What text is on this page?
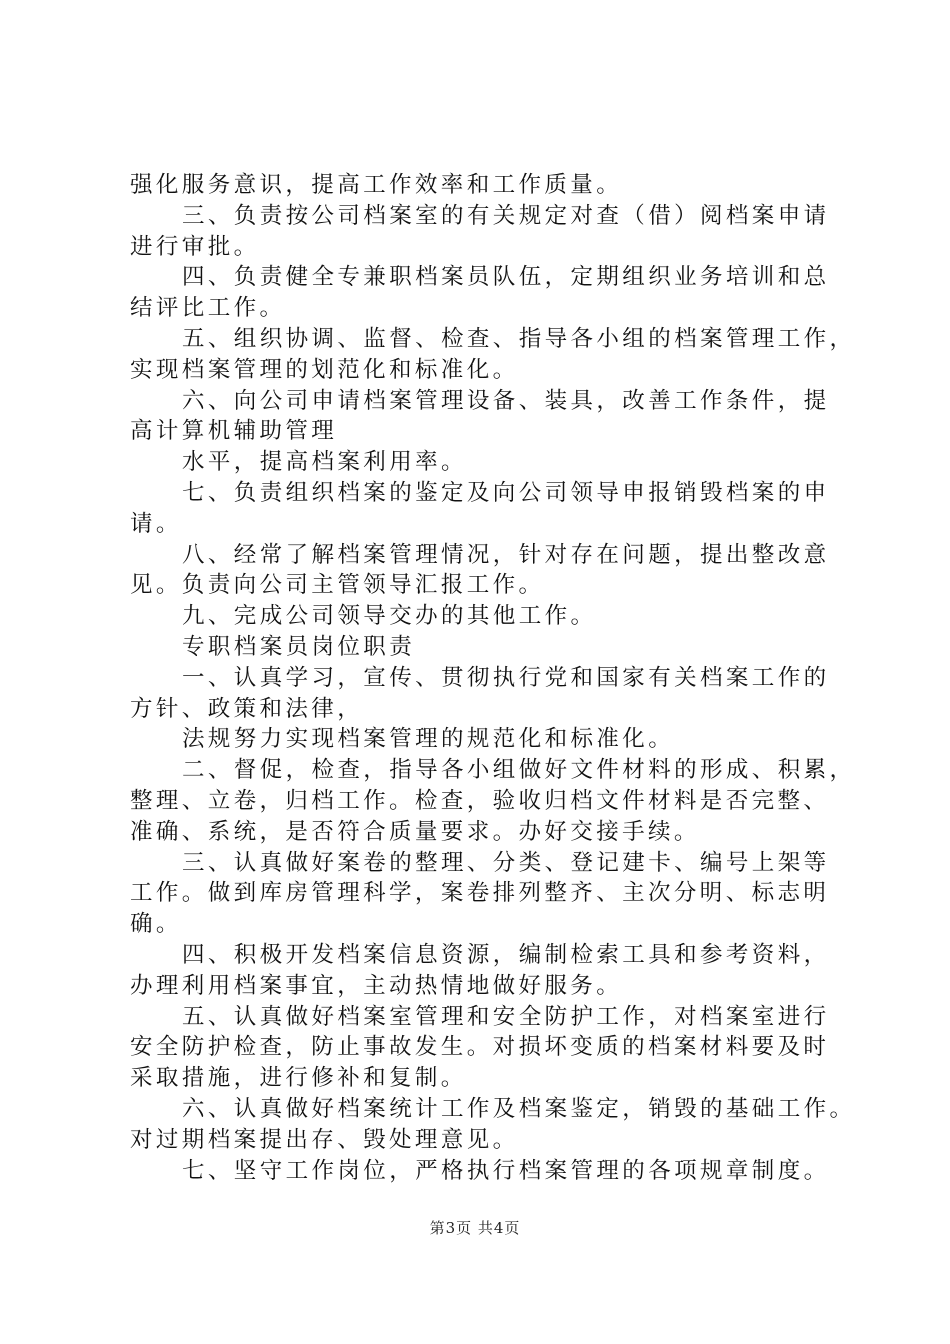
强化服务意识，提高工作效率和工作质量。
三、负责按公司档案室的有关规定对查（借）阅档案申请
进行审批。
四、负责健全专兼职档案员队伍，定期组织业务培训和总
结评比工作。
五、组织协调、监督、检查、指导各小组的档案管理工作，
实现档案管理的划范化和标准化。
六、向公司申请档案管理设备、装具，改善工作条件，提
高计算机辅助管理
水平，提高档案利用率。
七、负责组织档案的鉴定及向公司领导申报销毁档案的申
请。
八、经常了解档案管理情况，针对存在问题，提出整改意
见。负责向公司主管领导汇报工作。
九、完成公司领导交办的其他工作。
专职档案员岗位职责
一、认真学习，宣传、贯彻执行党和国家有关档案工作的
方针、政策和法律，
法规努力实现档案管理的规范化和标准化。
二、督促，检查，指导各小组做好文件材料的形成、积累，
整理、立卷，归档工作。检查，验收归档文件材料是否完整、
准确、系统，是否符合质量要求。办好交接手续。
三、认真做好案卷的整理、分类、登记建卡、编号上架等
工作。做到库房管理科学，案卷排列整齐、主次分明、标志明
确。
四、积极开发档案信息资源，编制检索工具和参考资料，
办理利用档案事宜，主动热情地做好服务。
五、认真做好档案室管理和安全防护工作，对档案室进行
安全防护检查，防止事故发生。对损坏变质的档案材料要及时
采取措施，进行修补和复制。
六、认真做好档案统计工作及档案鉴定，销毁的基础工作。
对过期档案提出存、毁处理意见。
七、坚守工作岗位，严格执行档案管理的各项规章制度。
第3页 共4页
